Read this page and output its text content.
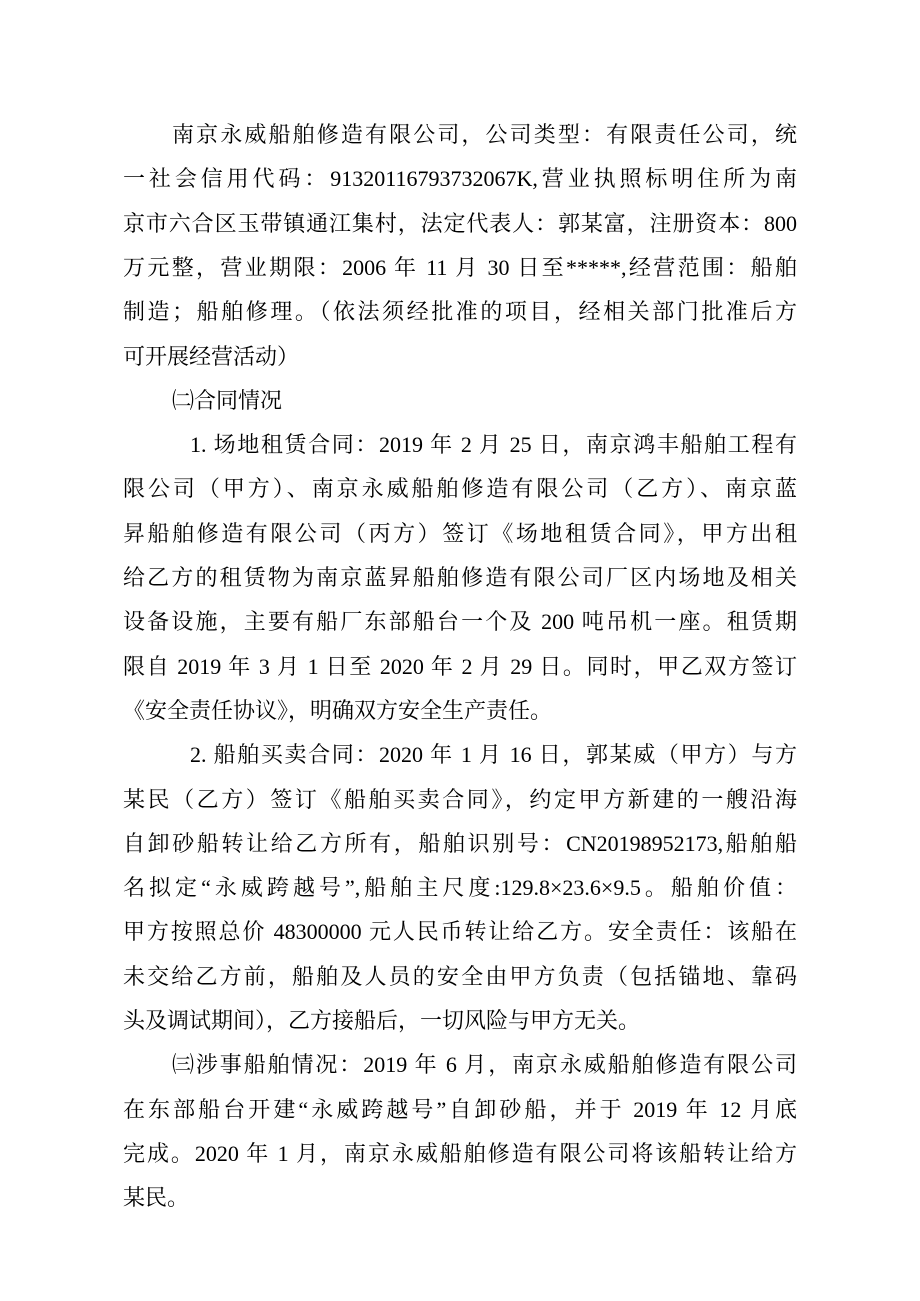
南京永威船舶修造有限公司，公司类型：有限责任公司，统
一社会信用代码：91320116793732067K,营业执照标明住所为南
京市六合区玉带镇通江集村，法定代表人：郭某富，注册资本：800
万元整，营业期限：2006 年 11 月 30 日至*****,经营范围：船舶
制造；船舶修理。（依法须经批准的项目，经相关部门批准后方
可开展经营活动）
㈡合同情况
1. 场地租赁合同：2019 年 2 月 25 日，南京鸿丰船舶工程有
限公司（甲方）、南京永威船舶修造有限公司（乙方）、南京蓝
昇船舶修造有限公司（丙方）签订《场地租赁合同》，甲方出租
给乙方的租赁物为南京蓝昇船舶修造有限公司厂区内场地及相关
设备设施，主要有船厂东部船台一个及 200 吨吊机一座。租赁期
限自 2019 年 3 月 1 日至 2020 年 2 月 29 日。同时，甲乙双方签订
《安全责任协议》，明确双方安全生产责任。
2. 船舶买卖合同：2020 年 1 月 16 日，郭某威（甲方）与方
某民（乙方）签订《船舶买卖合同》，约定甲方新建的一艘沿海
自卸砂船转让给乙方所有，船舶识别号：CN20198952173,船舶船
名拟定“永威跨越号”,船舶主尺度:129.8×23.6×9.5。船舶价值：
甲方按照总价 48300000 元人民币转让给乙方。安全责任：该船在
未交给乙方前，船舶及人员的安全由甲方负责（包括锚地、靠码
头及调试期间），乙方接船后，一切风险与甲方无关。
㈢涉事船舶情况：2019 年 6 月，南京永威船舶修造有限公司
在东部船台开建“永威跨越号”自卸砂船，并于 2019 年 12 月底
完成。2020 年 1 月，南京永威船舶修造有限公司将该船转让给方
某民。
